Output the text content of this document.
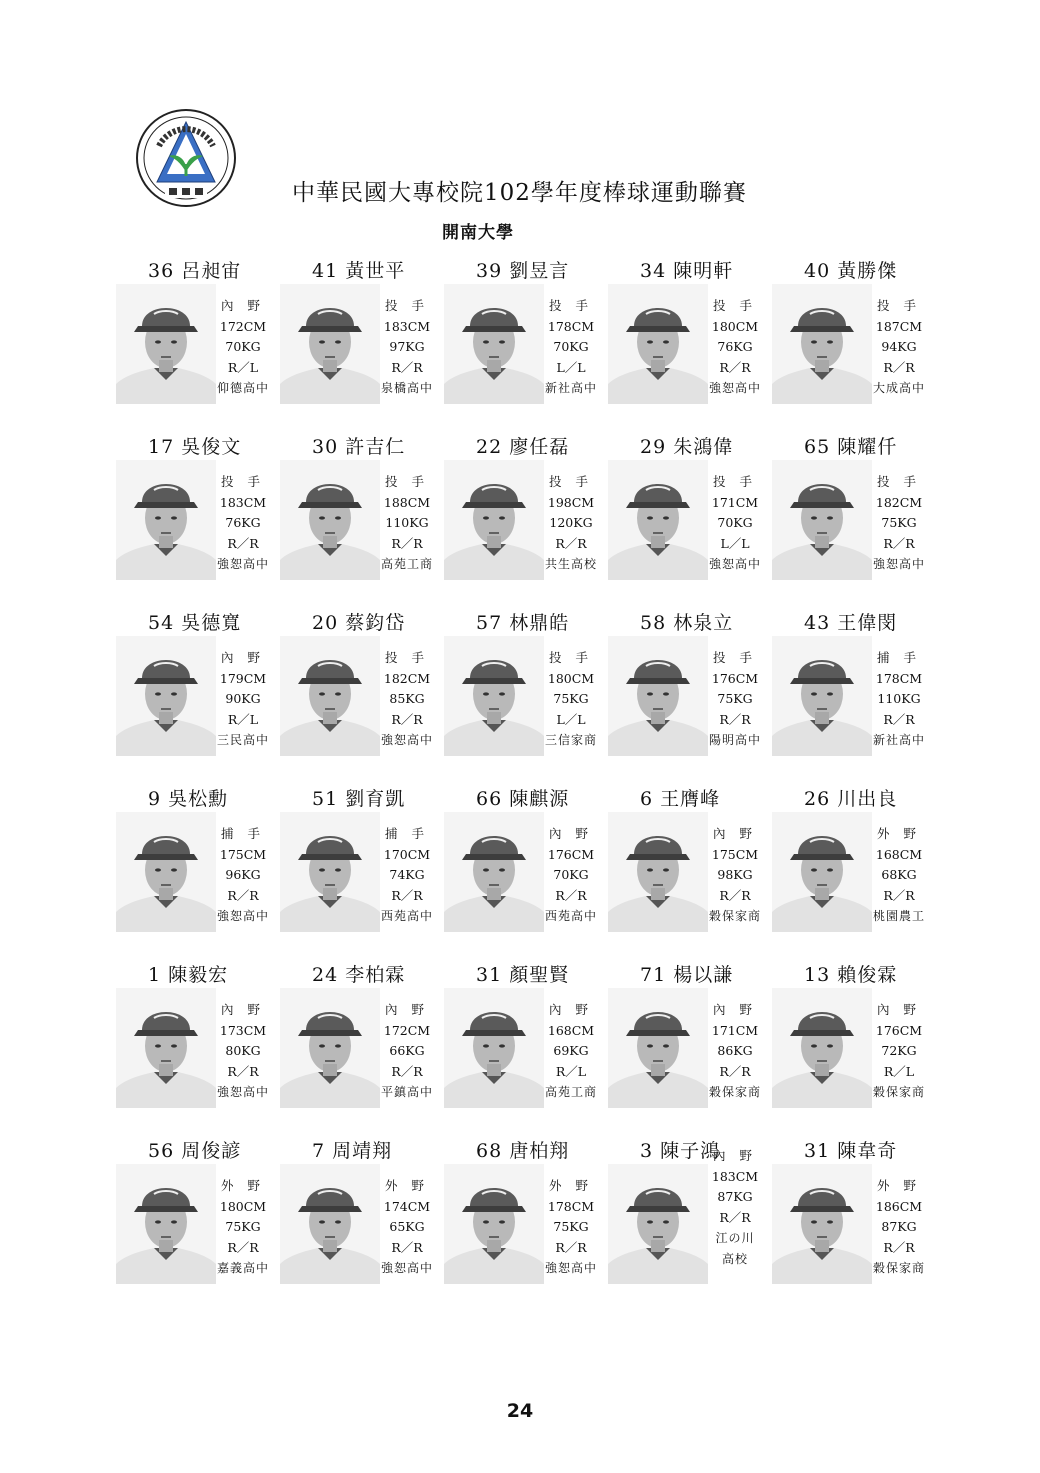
中華民國大專校院102學年度棒球運動聯賽
開南大學
36 呂昶宙
內 野
172CM
70KG
R／L
仰德高中
41 黃世平
投 手
183CM
97KG
R／R
泉橋高中
39 劉昱言
投 手
178CM
70KG
L／L
新社高中
34 陳明軒
投 手
180CM
76KG
R／R
強恕高中
40 黃勝傑
投 手
187CM
94KG
R／R
大成高中
17 吳俊文
投 手
183CM
76KG
R／R
強恕高中
30 許吉仁
投 手
188CM
110KG
R／R
高苑工商
22 廖任磊
投 手
198CM
120KG
R／R
共生高校
29 朱鴻偉
投 手
171CM
70KG
L／L
強恕高中
65 陳耀仟
投 手
182CM
75KG
R／R
強恕高中
54 吳德寬
內 野
179CM
90KG
R／L
三民高中
20 蔡鈞岱
投 手
182CM
85KG
R／R
強恕高中
57 林鼎皓
投 手
180CM
75KG
L／L
三信家商
58 林泉立
投 手
176CM
75KG
R／R
陽明高中
43 王偉閔
捕 手
178CM
110KG
R／R
新社高中
9 吳松勳
捕 手
175CM
96KG
R／R
強恕高中
51 劉育凱
捕 手
170CM
74KG
R／R
西苑高中
66 陳麒源
內 野
176CM
70KG
R／R
西苑高中
6 王膺峰
內 野
175CM
98KG
R／R
穀保家商
26 川出良
外 野
168CM
68KG
R／R
桃園農工
1 陳毅宏
內 野
173CM
80KG
R／R
強恕高中
24 李柏霖
內 野
172CM
66KG
R／R
平鎮高中
31 顏聖賢
內 野
168CM
69KG
R／L
高苑工商
71 楊以謙
內 野
171CM
86KG
R／R
穀保家商
13 賴俊霖
內 野
176CM
72KG
R／L
穀保家商
56 周俊諺
外 野
180CM
75KG
R／R
嘉義高中
7 周靖翔
外 野
174CM
65KG
R／R
強恕高中
68 唐柏翔
外 野
178CM
75KG
R／R
強恕高中
3 陳子鴻
內 野
183CM
87KG
R／R
江の川
高校
31 陳韋奇
外 野
186CM
87KG
R／R
穀保家商
24
